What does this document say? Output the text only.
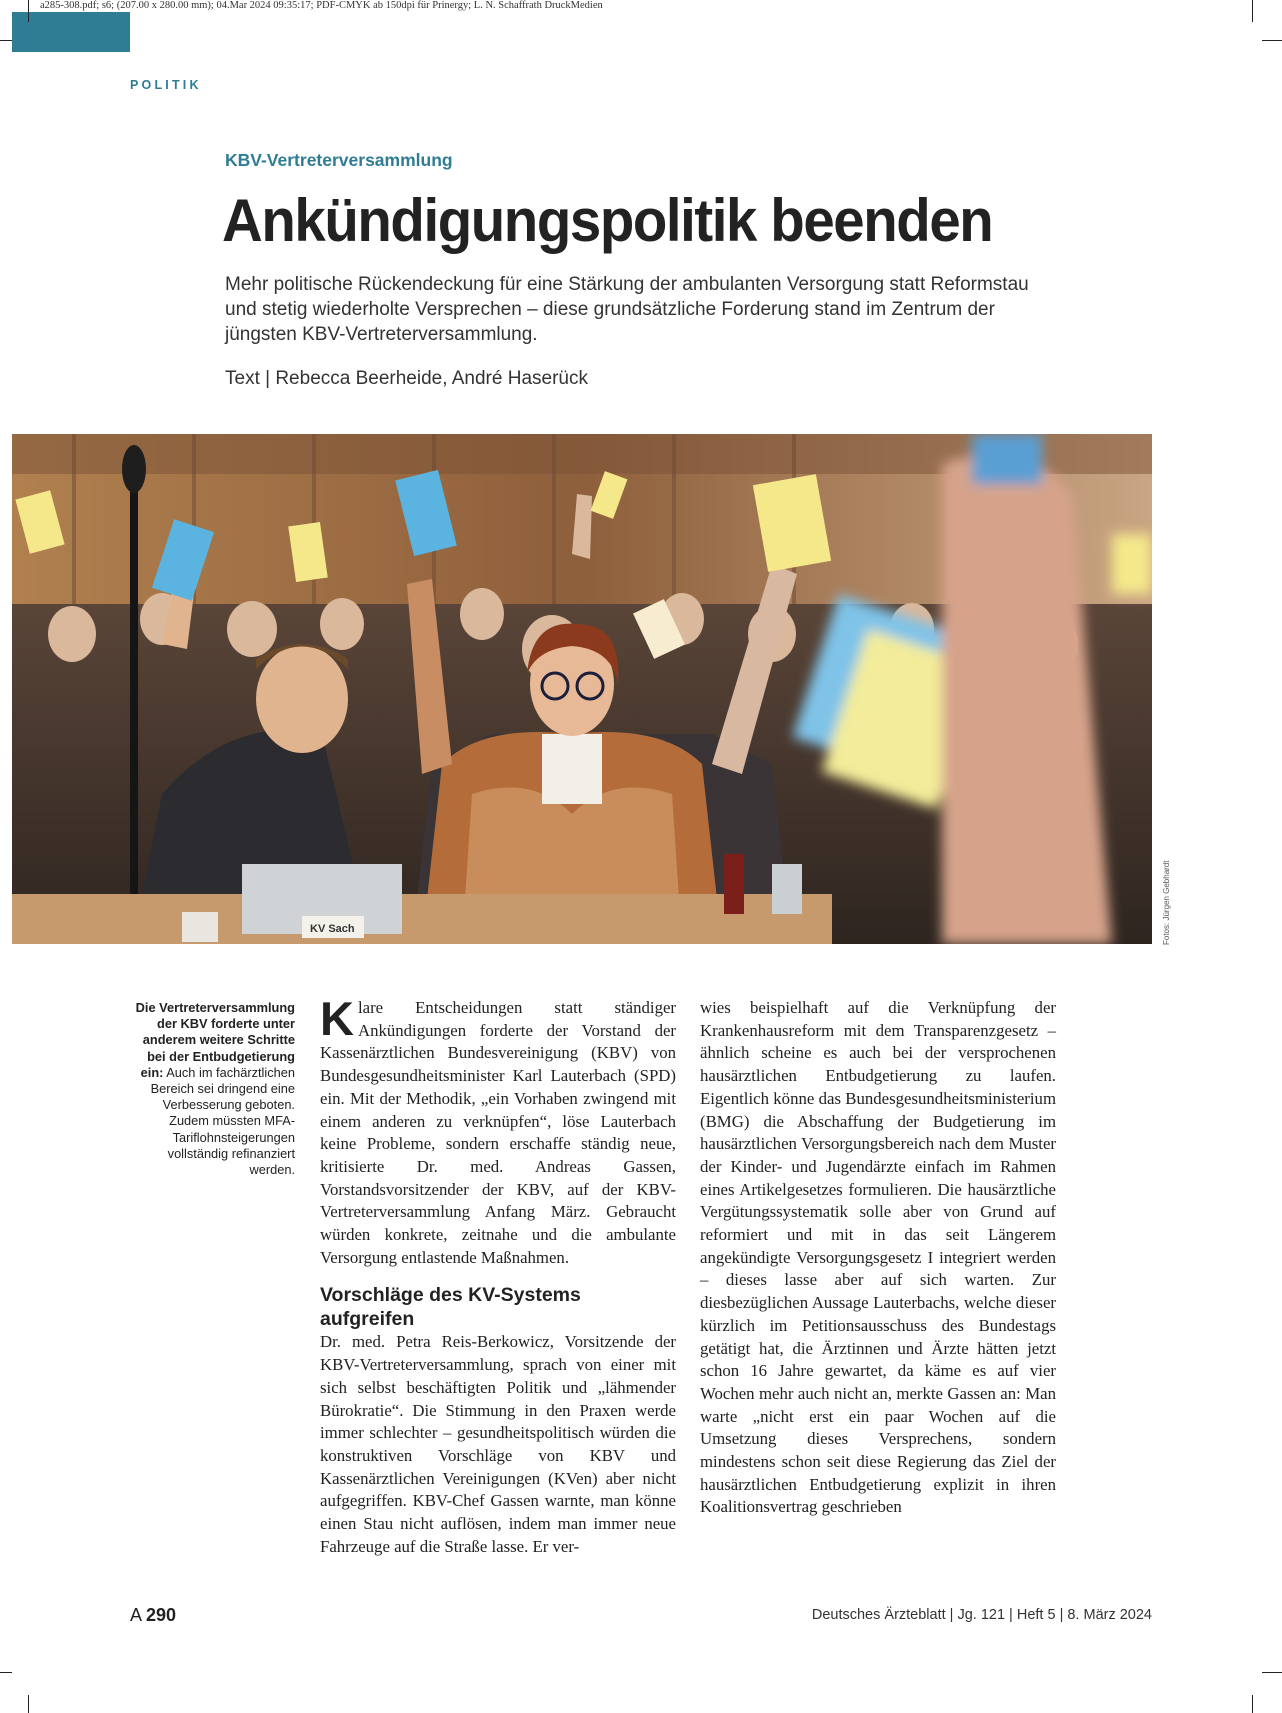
a285-308.pdf; s6; (207.00 x 280.00 mm); 04.Mar 2024 09:35:17; PDF-CMYK ab 150dpi für Prinergy; L. N. Schaffrath DruckMedien
POLITIK
KBV-Vertreterversammlung
Ankündigungspolitik beenden

Mehr politische Rückendeckung für eine Stärkung der ambulanten Versorgung statt Reformstau und stetig wiederholte Versprechen – diese grundsätzliche Forderung stand im Zentrum der jüngsten KBV-Vertreterversammlung.

Text | Rebecca Beerheide, André Haserück

KV Sach	Fotos: Jürgen Gebhardt
Die Vertreterversammlung der KBV forderte unter anderem weitere Schritte bei der Entbudgetierung ein: Auch im fachärztlichen Bereich sei dringend eine Verbesserung geboten. Zudem müssten MFA-Tariflohnsteigerungen vollständig refinanziert werden.

Klare Entscheidungen statt ständiger Ankündigungen forderte der Vorstand der Kassenärztlichen Bundesvereinigung (KBV) von Bundesgesundheitsminister Karl Lauterbach (SPD) ein. Mit der Methodik, „ein Vorhaben zwingend mit einem anderen zu verknüpfen“, löse Lauterbach keine Probleme, sondern erschaffe ständig neue, kritisierte Dr. med. Andreas Gassen, Vorstandsvorsitzender der KBV, auf der KBV-Vertreterversammlung Anfang März. Gebraucht würden konkrete, zeitnahe und die ambulante Versorgung entlastende Maßnahmen.

Vorschläge des KV-Systems aufgreifen

Dr. med. Petra Reis-Berkowicz, Vorsitzende der KBV-Vertreterversammlung, sprach von einer mit sich selbst beschäftigten Politik und „lähmender Bürokratie“. Die Stimmung in den Praxen werde immer schlechter – gesundheitspolitisch würden die konstruktiven Vorschläge von KBV und Kassenärztlichen Vereinigungen (KVen) aber nicht aufgegriffen. KBV-Chef Gassen warnte, man könne einen Stau nicht auflösen, indem man immer neue Fahrzeuge auf die Straße lasse. Er ver-

wies beispielhaft auf die Verknüpfung der Krankenhausreform mit dem Transparenzgesetz – ähnlich scheine es auch bei der versprochenen hausärztlichen Entbudgetierung zu laufen. Eigentlich könne das Bundesgesundheitsministerium (BMG) die Abschaffung der Budgetierung im hausärztlichen Versorgungsbereich nach dem Muster der Kinder- und Jugendärzte einfach im Rahmen eines Artikelgesetzes formulieren. Die hausärztliche Vergütungssystematik solle aber von Grund auf reformiert und mit in das seit Längerem angekündigte Versorgungsgesetz I integriert werden – dieses lasse aber auf sich warten. Zur diesbezüglichen Aussage Lauterbachs, welche dieser kürzlich im Petitionsausschuss des Bundestags getätigt hat, die Ärztinnen und Ärzte hätten jetzt schon 16 Jahre gewartet, da käme es auf vier Wochen mehr auch nicht an, merkte Gassen an: Man warte „nicht erst ein paar Wochen auf die Umsetzung dieses Versprechens, sondern mindestens schon seit diese Regierung das Ziel der hausärztlichen Entbudgetierung explizit in ihren Koalitionsvertrag geschrieben

A 290	Deutsches Ärzteblatt | Jg. 121 | Heft 5 | 8. März 2024
